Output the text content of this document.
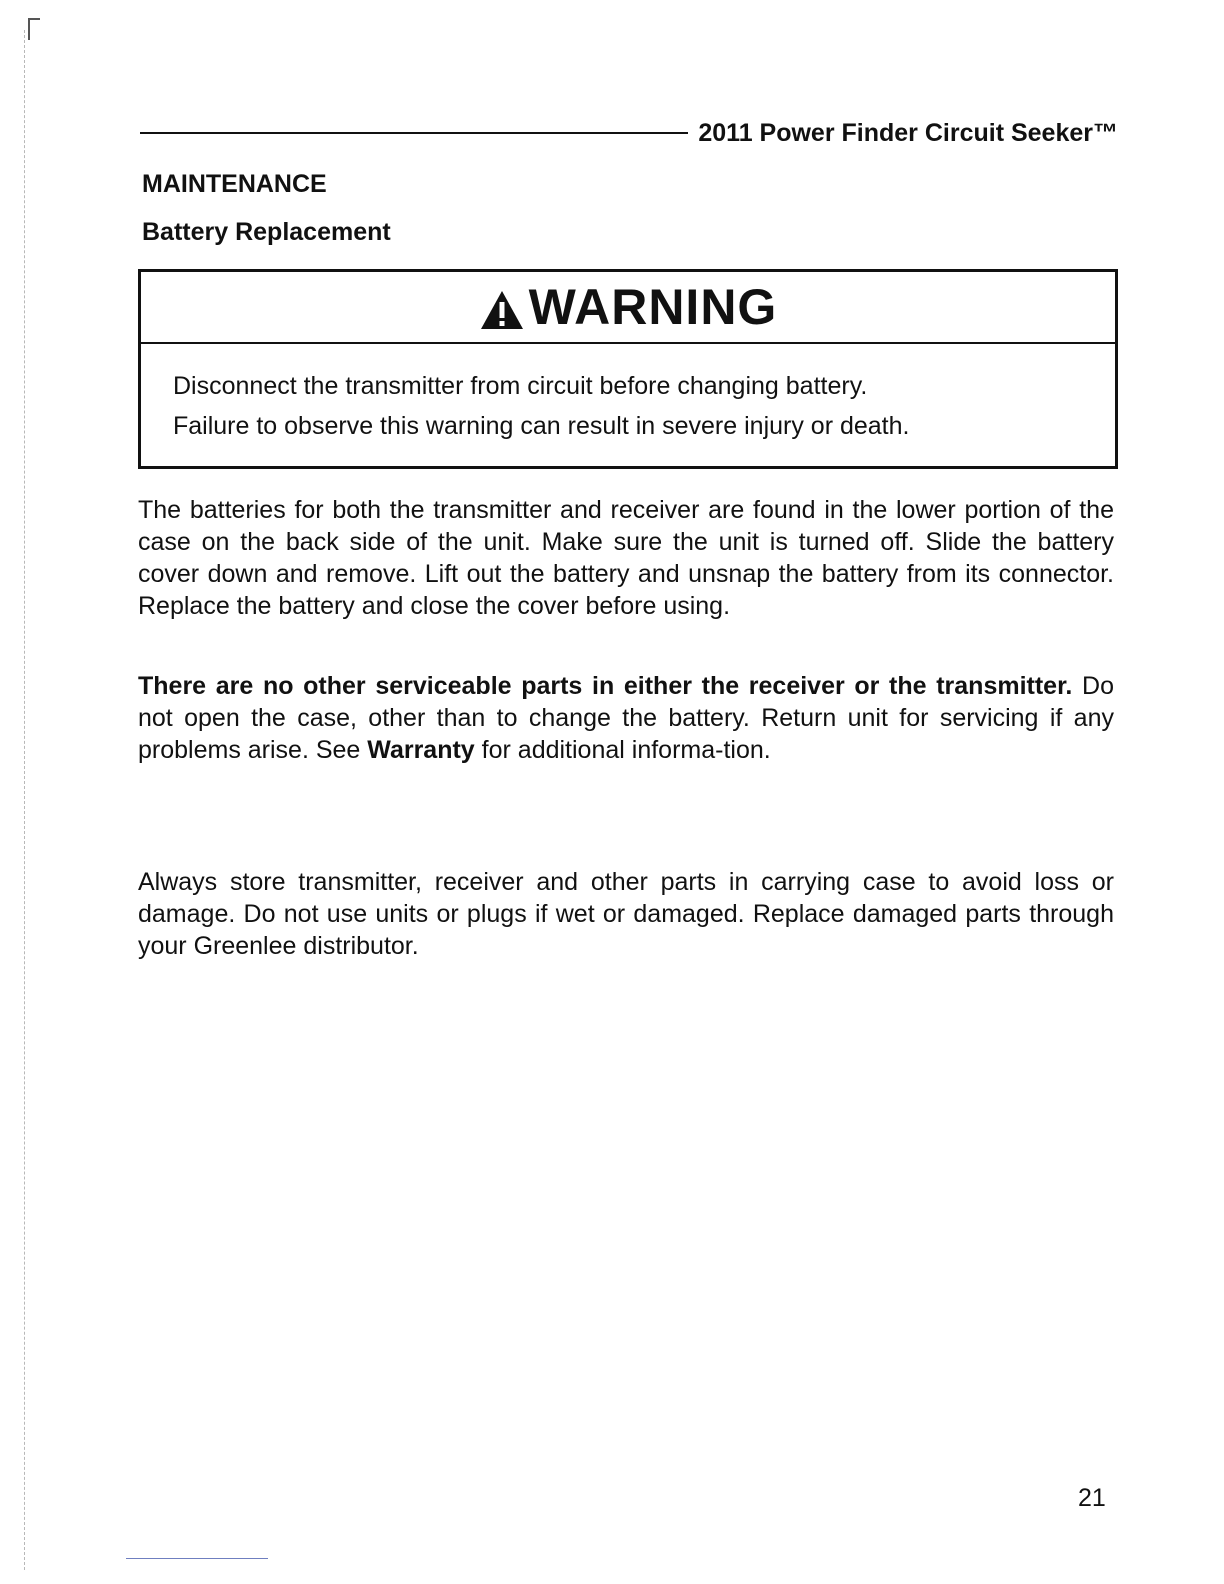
2011 Power Finder Circuit Seeker™
MAINTENANCE
Battery Replacement
WARNING
Disconnect the transmitter from circuit before changing battery.
Failure to observe this warning can result in severe injury or death.
The batteries for both the transmitter and receiver are found in the lower portion of the case on the back side of the unit. Make sure the unit is turned off. Slide the battery cover down and remove. Lift out the battery and unsnap the battery from its connector. Replace the battery and close the cover before using.
There are no other serviceable parts in either the receiver or the transmitter. Do not open the case, other than to change the battery. Return unit for servicing if any problems arise. See Warranty for additional informa-tion.
Always store transmitter, receiver and other parts in carrying case to avoid loss or damage. Do not use units or plugs if wet or damaged. Replace damaged parts through your Greenlee distributor.
21
